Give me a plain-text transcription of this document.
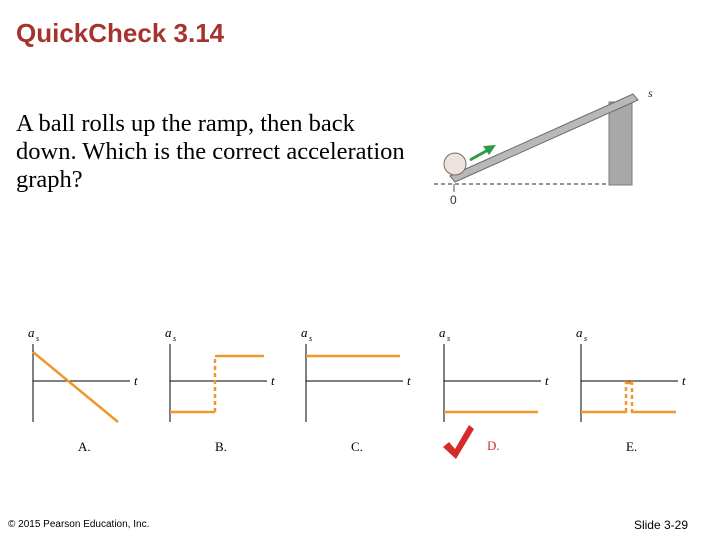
QuickCheck 3.14
A ball rolls up the ramp, then back down. Which is the correct acceleration graph?
s
0
a s
t
A.
a s
t
B.
a s
t
C.
a s
t
D.
a s
t
E.
© 2015 Pearson Education, Inc.	Slide 3-29
